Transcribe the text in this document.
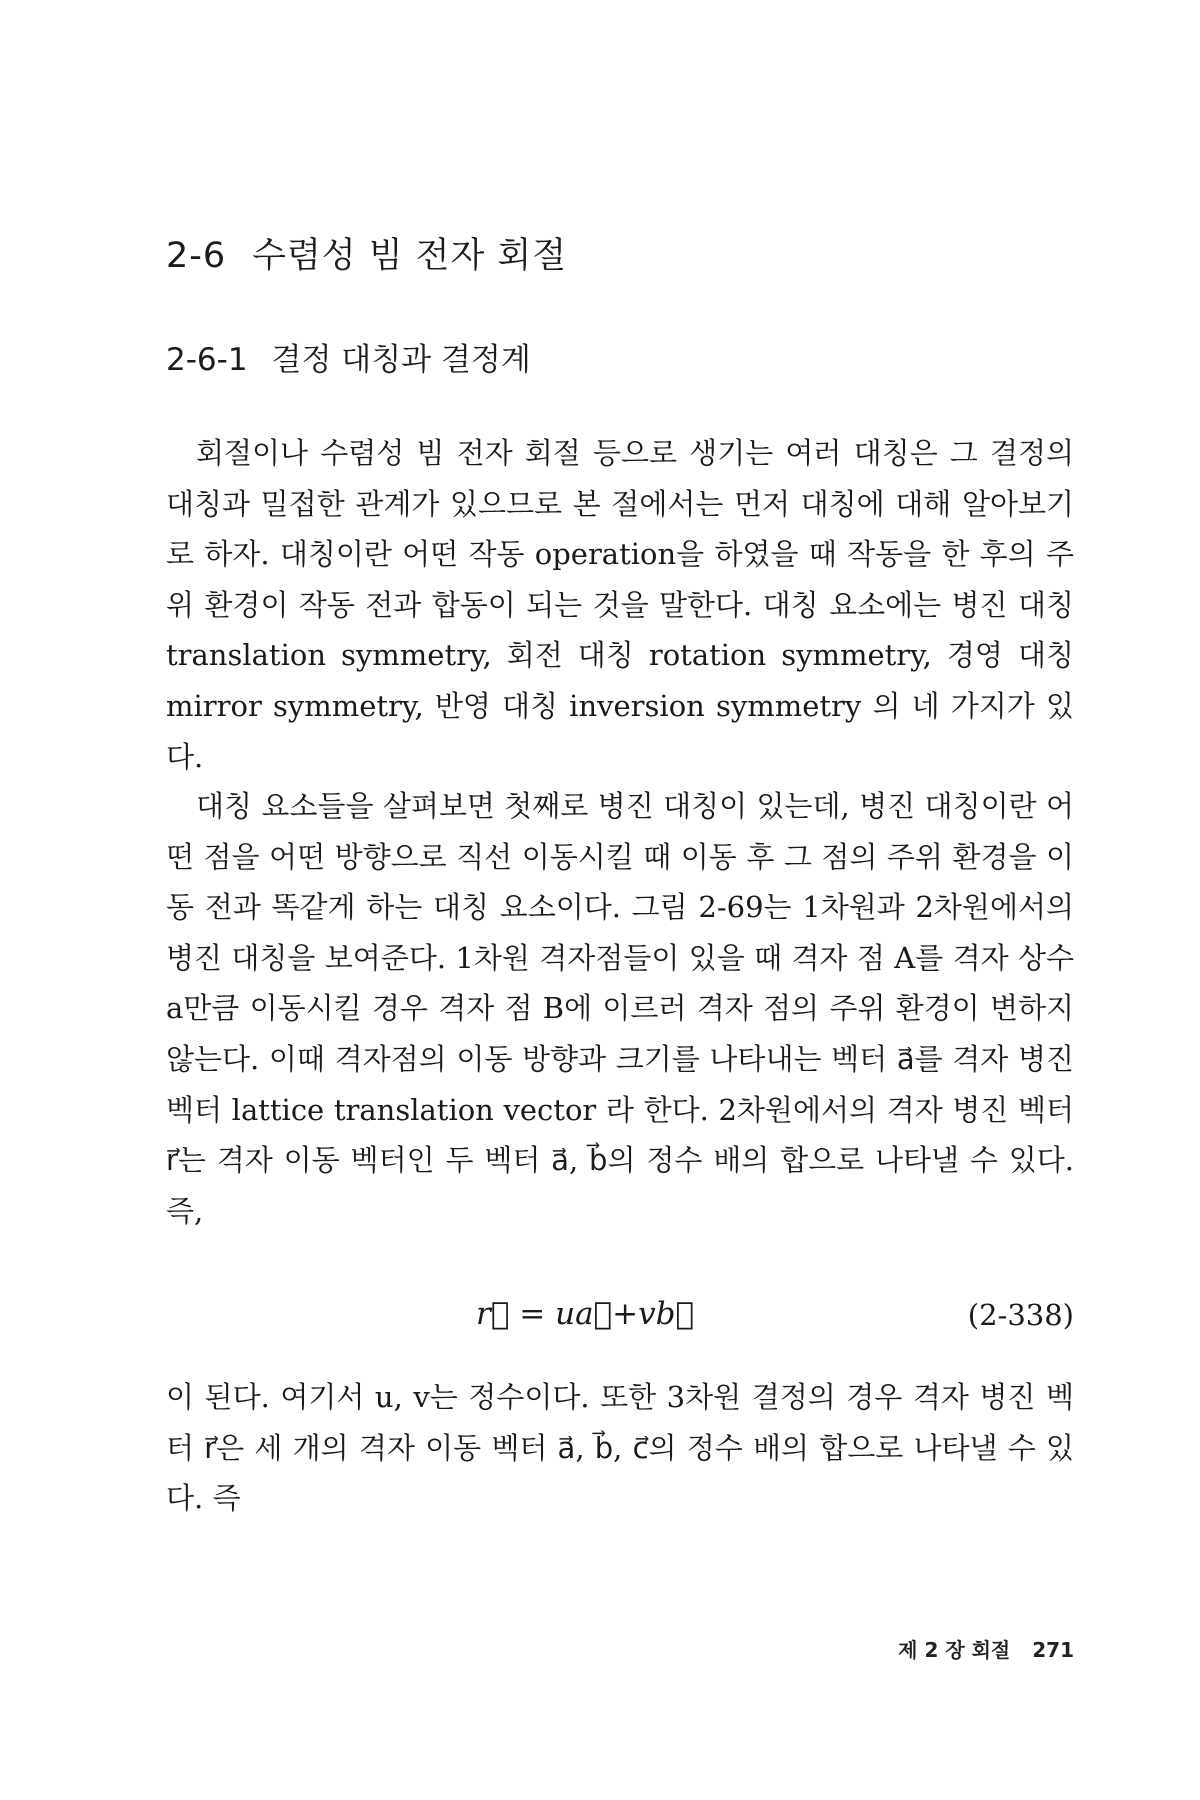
2-6 수렴성 빔 전자 회절
2-6-1 결정 대칭과 결정계

회절이나 수렴성 빔 전자 회절 등으로 생기는 여러 대칭은 그 결정의 대칭과 밀접한 관계가 있으므로 본 절에서는 먼저 대칭에 대해 알아보기로 하자. 대칭이란 어떤 작동 operation을 하였을 때 작동을 한 후의 주위 환경이 작동 전과 합동이 되는 것을 말한다. 대칭 요소에는 병진 대칭 translation symmetry, 회전 대칭 rotation symmetry, 경영 대칭 mirror symmetry, 반영 대칭 inversion symmetry 의 네 가지가 있다.

대칭 요소들을 살펴보면 첫째로 병진 대칭이 있는데, 병진 대칭이란 어떤 점을 어떤 방향으로 직선 이동시킬 때 이동 후 그 점의 주위 환경을 이동 전과 똑같게 하는 대칭 요소이다. 그림 2-69는 1차원과 2차원에서의 병진 대칭을 보여준다. 1차원 격자점들이 있을 때 격자 점 A를 격자 상수 a만큼 이동시킬 경우 격자 점 B에 이르러 격자 점의 주위 환경이 변하지 않는다. 이때 격자점의 이동 방향과 크기를 나타내는 벡터 a⃗를 격자 병진 벡터 lattice translation vector 라 한다. 2차원에서의 격자 병진 벡터 r⃗는 격자 이동 벡터인 두 벡터 a⃗, b⃗의 정수 배의 합으로 나타낼 수 있다. 즉,

r⃗ = ua⃗+vb⃗	(2-338)

이 된다. 여기서 u, v는 정수이다. 또한 3차원 결정의 경우 격자 병진 벡터 r⃗은 세 개의 격자 이동 벡터 a⃗, b⃗, c⃗의 정수 배의 합으로 나타낼 수 있다. 즉

제 2 장 회절 271
